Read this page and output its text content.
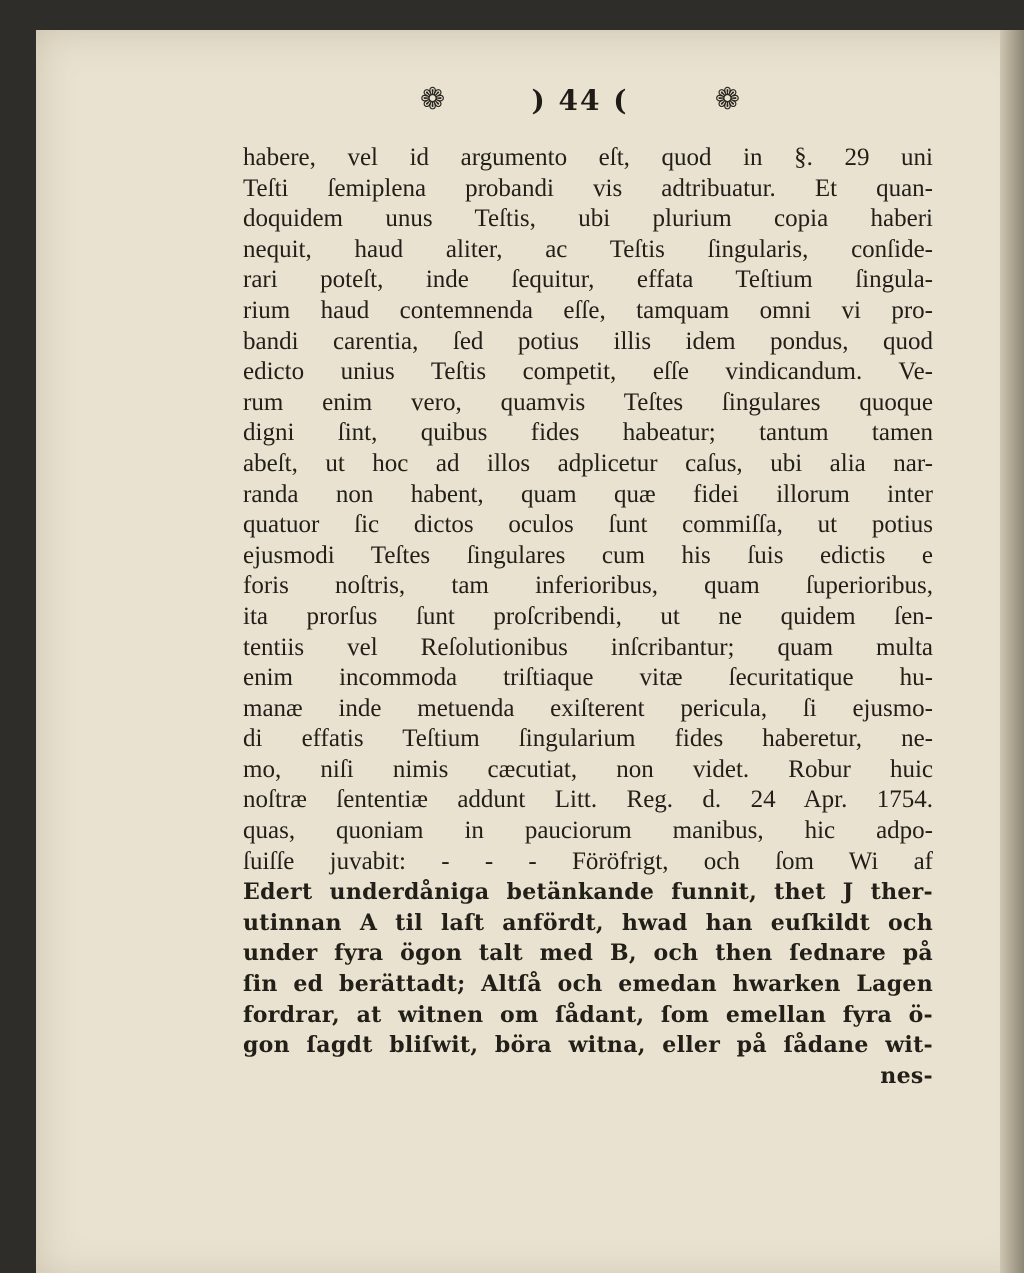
❁	) 44 (	❁
habere, vel id argumento eſt, quod in §. 29 uni
Teſti ſemiplena probandi vis adtribuatur. Et quan-
doquidem unus Teſtis, ubi plurium copia haberi
nequit, haud aliter, ac Teſtis ſingularis, conſide-
rari poteſt, inde ſequitur, effata Teſtium ſingula-
rium haud contemnenda eſſe, tamquam omni vi pro-
bandi carentia, ſed potius illis idem pondus, quod
edicto unius Teſtis competit, eſſe vindicandum. Ve-
rum enim vero, quamvis Teſtes ſingulares quoque
digni ſint, quibus fides habeatur; tantum tamen
abeſt, ut hoc ad illos adplicetur caſus, ubi alia nar-
randa non habent, quam quæ fidei illorum inter
quatuor ſic dictos oculos ſunt commiſſa, ut potius
ejusmodi Teſtes ſingulares cum his ſuis edictis e
foris noſtris, tam inferioribus, quam ſuperioribus,
ita prorſus ſunt proſcribendi, ut ne quidem ſen-
tentiis vel Reſolutionibus inſcribantur; quam multa
enim incommoda triſtiaque vitæ ſecuritatique hu-
manæ inde metuenda exiſterent pericula, ſi ejusmo-
di effatis Teſtium ſingularium fides haberetur, ne-
mo, niſi nimis cæcutiat, non videt. Robur huic
noſtræ ſententiæ addunt Litt. Reg. d. 24 Apr. 1754.
quas, quoniam in pauciorum manibus, hic adpo-
ſuiſſe juvabit: - - - Föröfrigt, och ſom Wi af
Edert underdåniga betänkande funnit, thet J ther-
utinnan A til laſt anfördt, hwad han euſkildt och
under fyra ögon talt med B, och then ſednare på
ſin ed berättadt; Altſå och emedan hwarken Lagen
fordrar, at witnen om ſådant, ſom emellan fyra ö-
gon ſagdt bliſwit, böra witna, eller på ſådane wit-
nes-
